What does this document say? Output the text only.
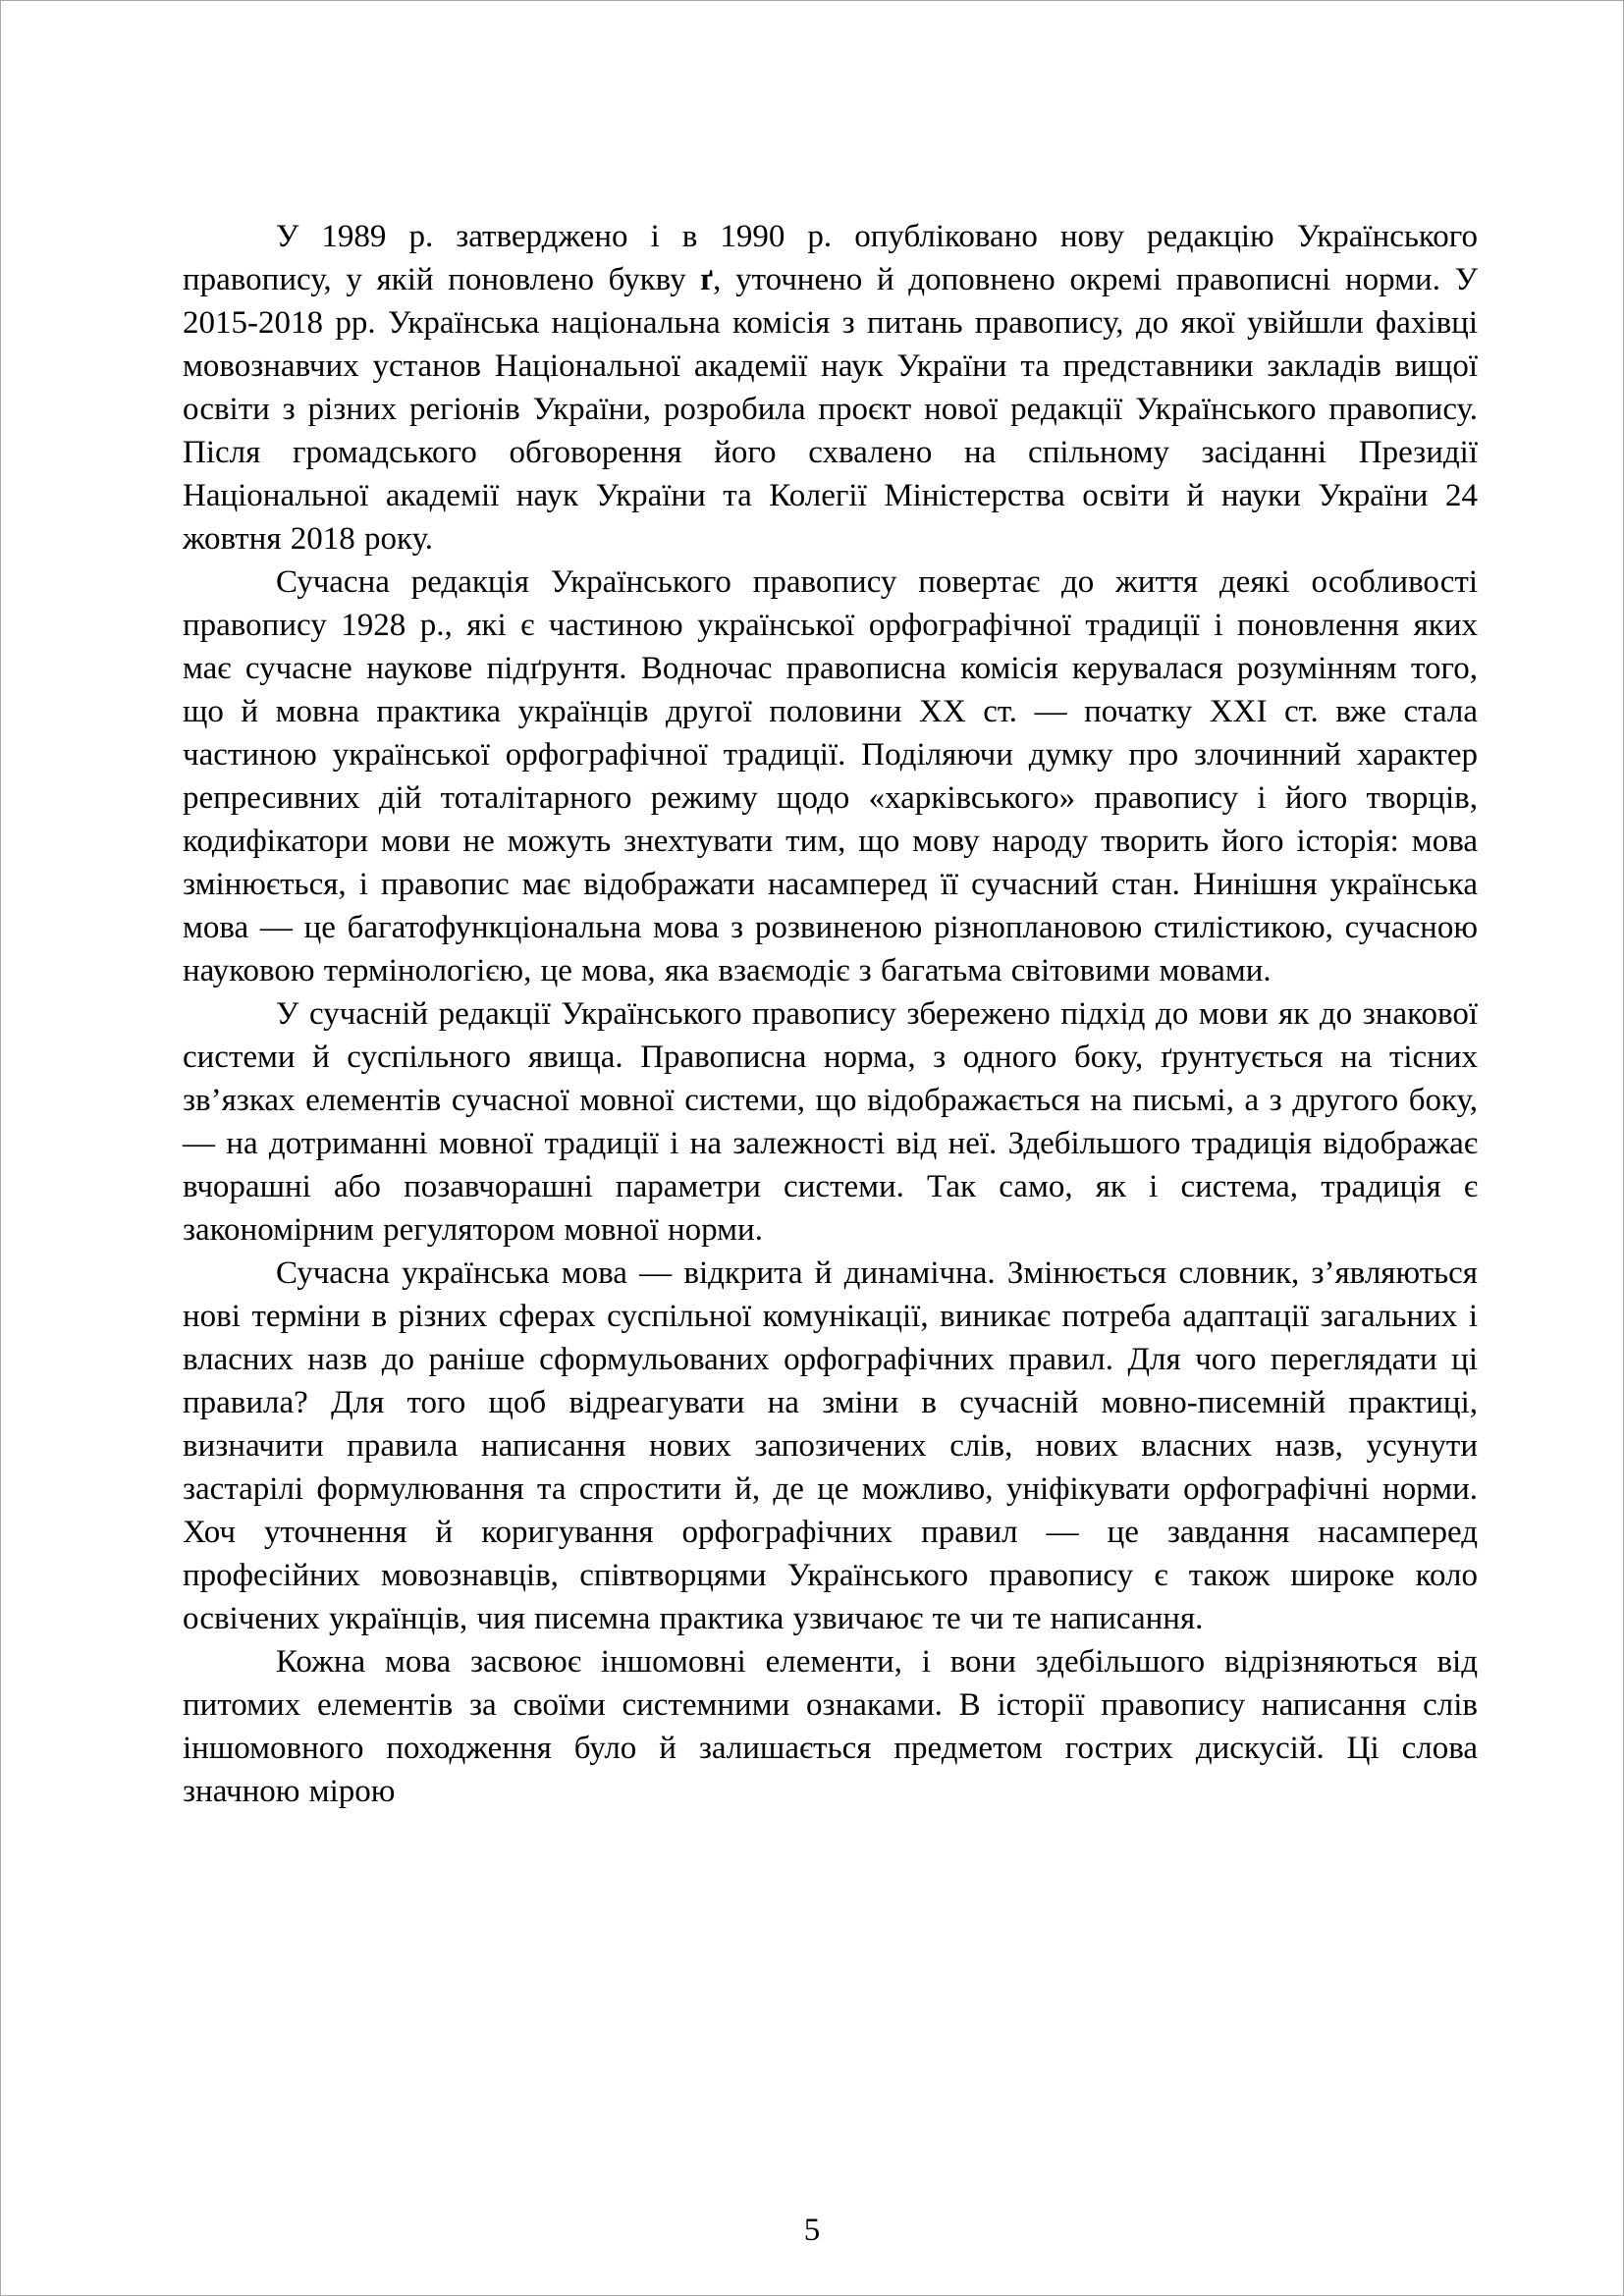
У 1989 р. затверджено і в 1990 р. опубліковано нову редакцію Українського правопису, у якій поновлено букву ґ, уточнено й доповнено окремі правописні норми. У 2015-2018 рр. Українська національна комісія з питань правопису, до якої увійшли фахівці мовознавчих установ Національної академії наук України та представники закладів вищої освіти з різних регіонів України, розробила проєкт нової редакції Українського правопису. Після громадського обговорення його схвалено на спільному засіданні Президії Національної академії наук України та Колегії Міністерства освіти й науки України 24 жовтня 2018 року.

Сучасна редакція Українського правопису повертає до життя деякі особливості правопису 1928 р., які є частиною української орфографічної традиції і поновлення яких має сучасне наукове підґрунтя. Водночас правописна комісія керувалася розумінням того, що й мовна практика українців другої половини ХХ ст. — початку ХХІ ст. вже стала частиною української орфографічної традиції. Поділяючи думку про злочинний характер репресивних дій тоталітарного режиму щодо «харківського» правопису і його творців, кодифікатори мови не можуть знехтувати тим, що мову народу творить його історія: мова змінюється, і правопис має відображати насамперед її сучасний стан. Нинішня українська мова — це багатофункціональна мова з розвиненою різноплановою стилістикою, сучасною науковою термінологією, це мова, яка взаємодіє з багатьма світовими мовами.

У сучасній редакції Українського правопису збережено підхід до мови як до знакової системи й суспільного явища. Правописна норма, з одного боку, ґрунтується на тісних зв’язках елементів сучасної мовної системи, що відображається на письмі, а з другого боку, — на дотриманні мовної традиції і на залежності від неї. Здебільшого традиція відображає вчорашні або позавчорашні параметри системи. Так само, як і система, традиція є закономірним регулятором мовної норми.

Сучасна українська мова — відкрита й динамічна. Змінюється словник, з’являються нові терміни в різних сферах суспільної комунікації, виникає потреба адаптації загальних і власних назв до раніше сформульованих орфографічних правил. Для чого переглядати ці правила? Для того щоб відреагувати на зміни в сучасній мовно-писемній практиці, визначити правила написання нових запозичених слів, нових власних назв, усунути застарілі формулювання та спростити й, де це можливо, уніфікувати орфографічні норми. Хоч уточнення й коригування орфографічних правил — це завдання насамперед професійних мовознавців, співтворцями Українського правопису є також широке коло освічених українців, чия писемна практика узвичаює те чи те написання.

Кожна мова засвоює іншомовні елементи, і вони здебільшого відрізняються від питомих елементів за своїми системними ознаками. В історії правопису написання слів іншомовного походження було й залишається предметом гострих дискусій. Ці слова значною мірою

5
